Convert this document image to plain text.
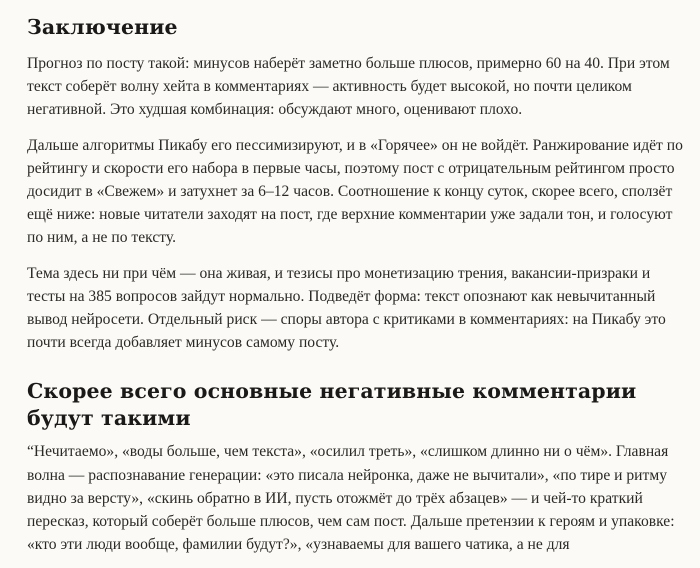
Заключение

Прогноз по посту такой: минусов наберёт заметно больше плюсов, примерно 60 на 40. При этом текст соберёт волну хейта в комментариях — активность будет высокой, но почти целиком негативной. Это худшая комбинация: обсуждают много, оценивают плохо.

Дальше алгоритмы Пикабу его пессимизируют, и в «Горячее» он не войдёт. Ранжирование идёт по рейтингу и скорости его набора в первые часы, поэтому пост с отрицательным рейтингом просто досидит в «Свежем» и затухнет за 6–12 часов. Соотношение к концу суток, скорее всего, сползёт ещё ниже: новые читатели заходят на пост, где верхние комментарии уже задали тон, и голосуют по ним, а не по тексту.

Тема здесь ни при чём — она живая, и тезисы про монетизацию трения, вакансии-призраки и тесты на 385 вопросов зайдут нормально. Подведёт форма: текст опознают как невычитанный вывод нейросети. Отдельный риск — споры автора с критиками в комментариях: на Пикабу это почти всегда добавляет минусов самому посту.

Скорее всего основные негативные комментарии будут такими

“Нечитаемо», «воды больше, чем текста», «осилил треть», «слишком длинно ни о чём». Главная волна — распознавание генерации: «это писала нейронка, даже не вычитали», «по тире и ритму видно за версту», «скинь обратно в ИИ, пусть отожмёт до трёх абзацев» — и чей-то краткий пересказ, который соберёт больше плюсов, чем сам пост. Дальше претензии к героям и упаковке: «кто эти люди вообще, фамилии будут?», «узнаваемы для вашего чатика, а не для
